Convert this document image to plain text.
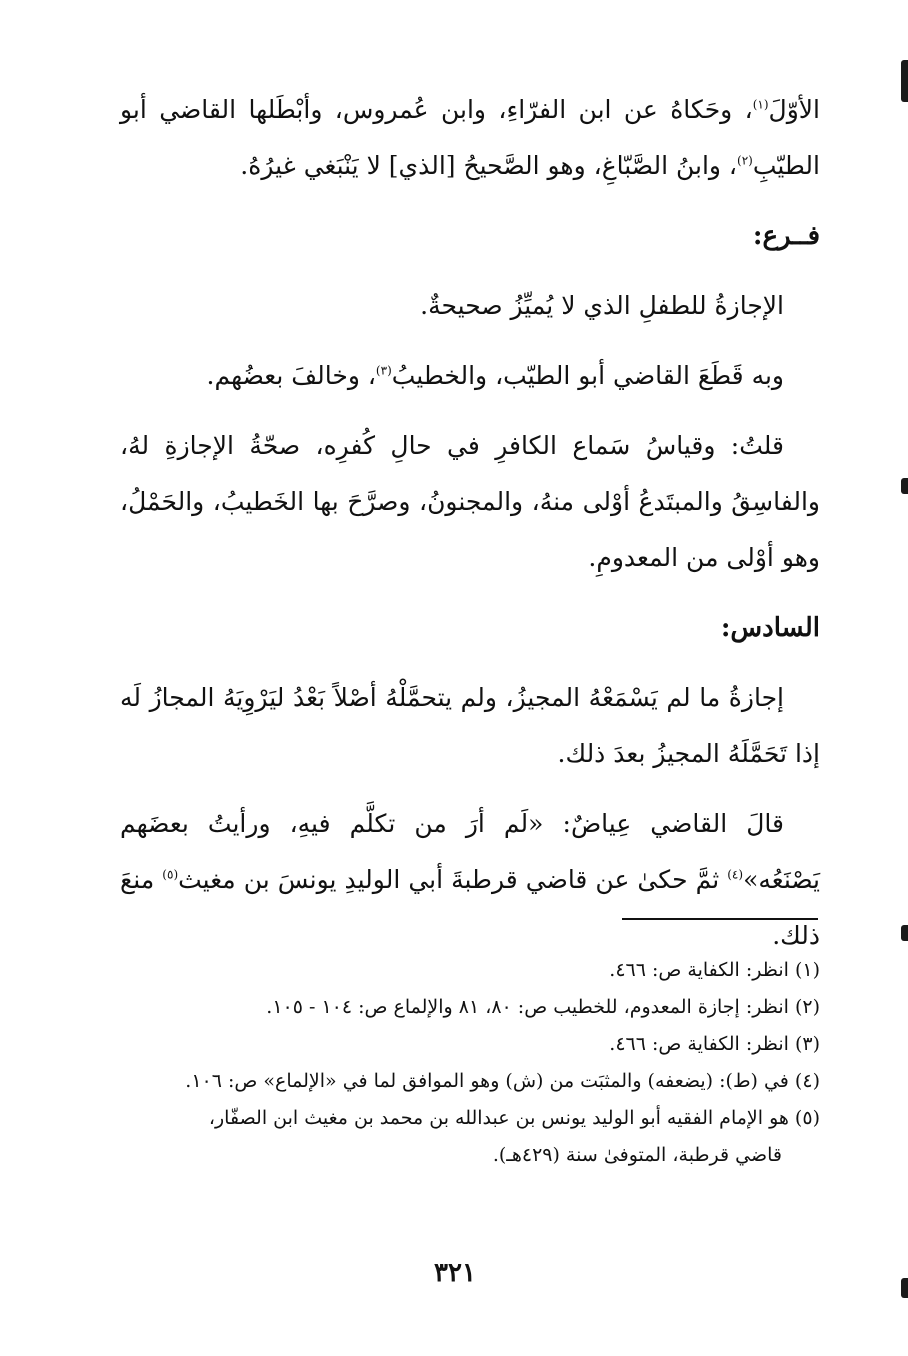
الأوّلَ$^{(١)}$، وحَكاهُ عن ابن الفرّاءِ، وابن عُمروس، وأبْطَلها القاضي أبو الطيّبِ$^{(٢)}$، وابنُ الصَّبّاغِ، وهو الصَّحيحُ [الذي] لا يَنْبَغي غيرُهُ.

فــرع:

الإجازةُ للطفلِ الذي لا يُميِّزُ صحيحةٌ.

وبه قَطَعَ القاضي أبو الطيّب، والخطيبُ$^{(٣)}$، وخالفَ بعضُهم.

قلتُ: وقياسُ سَماع الكافرِ في حالِ كُفرِه، صحّةُ الإجازةِ لهُ، والفاسِقُ والمبتَدعُ أوْلى منهُ، والمجنونُ، وصرَّحَ بها الخَطيبُ، والحَمْلُ، وهو أوْلى من المعدومِ.

السادس:

إجازةُ ما لم يَسْمَعْهُ المجيزُ، ولم يتحمَّلْهُ أصْلاً بَعْدُ ليَرْوِيَهُ المجازُ لَه إذا تَحَمَّلَهُ المجيزُ بعدَ ذلك.

قالَ القاضي عِياضٌ: «لَم أرَ من تكلَّم فيهِ، ورأيتُ بعضَهم يَصْنَعُه»$^{(٤)}$ ثمَّ حكىٰ عن قاضي قرطبةَ أبي الوليدِ يونسَ بن مغيث$^{(٥)}$ منعَ ذلك.

(١) انظر: الكفاية ص: ٤٦٦.

(٢) انظر: إجازة المعدوم، للخطيب ص: ٨٠، ٨١ والإلماع ص: ١٠٤ - ١٠٥.

(٣) انظر: الكفاية ص: ٤٦٦.

(٤) في (ط): (يضعفه) والمثبَت من (ش) وهو الموافق لما في «الإلماع» ص: ١٠٦.

(٥) هو الإمام الفقيه أبو الوليد يونس بن عبدالله بن محمد بن مغيث ابن الصفّار،

قاضي قرطبة، المتوفىٰ سنة (٤٢٩هـ).

٣٢١
